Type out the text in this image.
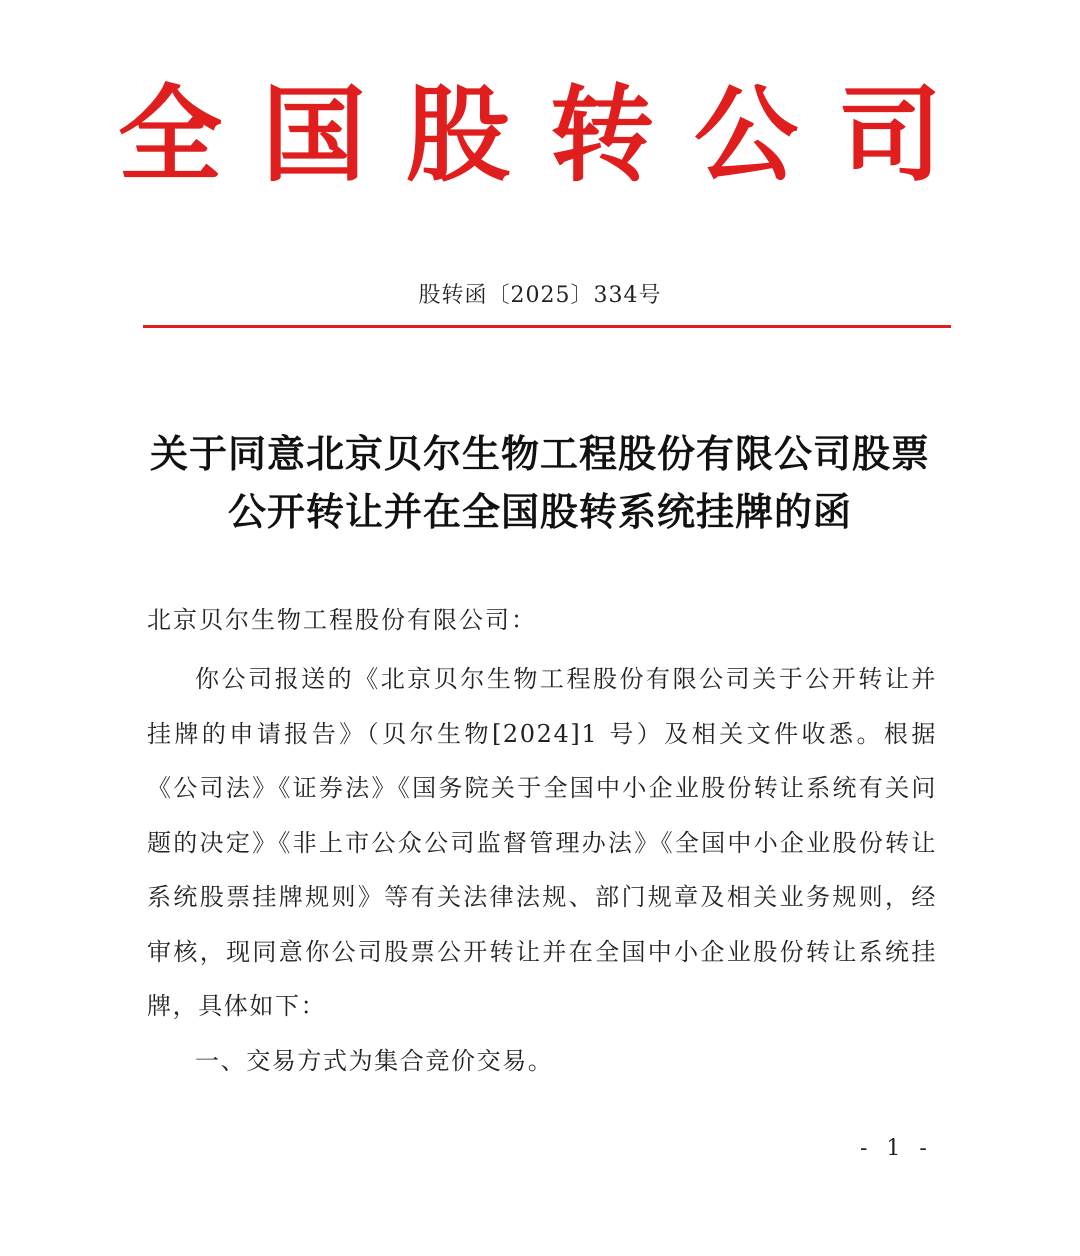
全国股转公司
股转函〔2025〕334号
关于同意北京贝尔生物工程股份有限公司股票
公开转让并在全国股转系统挂牌的函
北京贝尔生物工程股份有限公司：

你公司报送的《北京贝尔生物工程股份有限公司关于公开转让并挂牌的申请报告》（贝尔生物[2024]1 号）及相关文件收悉。根据《公司法》《证券法》《国务院关于全国中小企业股份转让系统有关问题的决定》《非上市公众公司监督管理办法》《全国中小企业股份转让系统股票挂牌规则》等有关法律法规、部门规章及相关业务规则，经审核，现同意你公司股票公开转让并在全国中小企业股份转让系统挂牌，具体如下：

一、交易方式为集合竞价交易。

- 1 -
